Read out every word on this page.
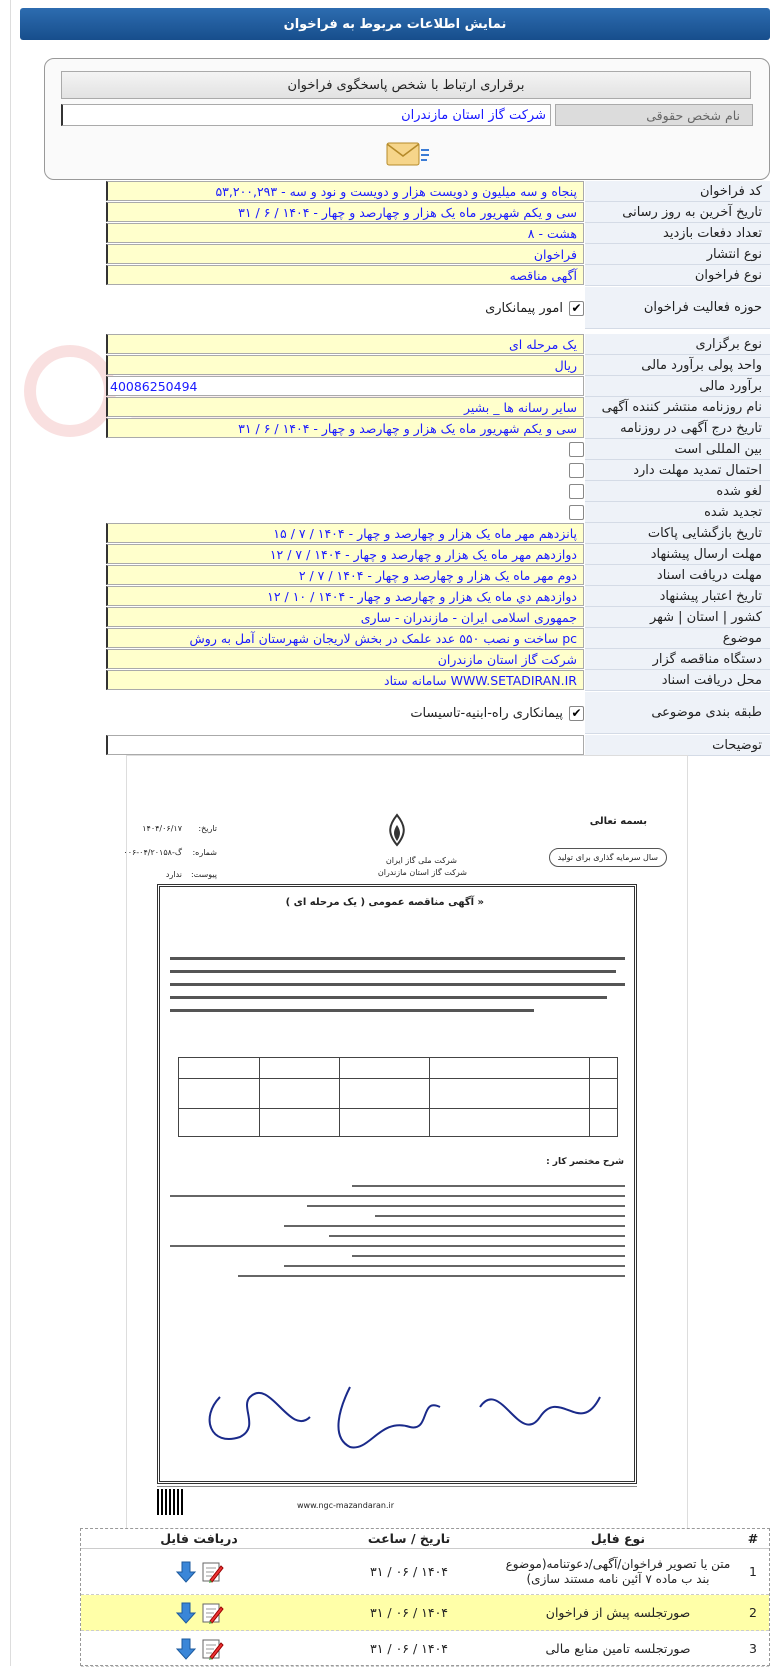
نمایش اطلاعات مربوط به فراخوان
برقراری ارتباط با شخص پاسخگوی فراخوان
نام شخص حقوقی
شرکت گاز استان مازندران
کد فراخوان
۵۳,۲۰۰,۲۹۳ - پنجاه و سه میلیون و دویست هزار و دویست و نود و سه
تاریخ آخرین به روز رسانی
۳۱ / ۶ / ۱۴۰۴ - سی و یکم شهریور ماه یک هزار و چهارصد و چهار
تعداد دفعات بازدید
۸ - هشت
نوع انتشار
فراخوان
نوع فراخوان
آگهی مناقصه
حوزه فعالیت فراخوان
امور پیمانکاری ✔
نوع برگزاری
یک مرحله ای
واحد پولی برآورد مالی
ریال
برآورد مالی
40086250494
نام روزنامه منتشر کننده آگهی
سایر رسانه ها _ بشیر
تاریخ درج آگهی در روزنامه
۳۱ / ۶ / ۱۴۰۴ - سی و یکم شهریور ماه یک هزار و چهارصد و چهار
بین المللی است
احتمال تمدید مهلت دارد
لغو شده
تجدید شده
تاریخ بازگشایی پاکات
۱۵ / ۷ / ۱۴۰۴ - پانزدهم مهر ماه یک هزار و چهارصد و چهار
مهلت ارسال پیشنهاد
۱۲ / ۷ / ۱۴۰۴ - دوازدهم مهر ماه یک هزار و چهارصد و چهار
مهلت دریافت اسناد
۲ / ۷ / ۱۴۰۴ - دوم مهر ماه یک هزار و چهارصد و چهار
تاریخ اعتبار پیشنهاد
۱۲ / ۱۰ / ۱۴۰۴ - دوازدهم دي ماه یک هزار و چهارصد و چهار
کشور | استان | شهر
جمهوری اسلامی ایران - مازندران - ساری
موضوع
ساخت و نصب ۵۵۰ عدد علمک در بخش لاریجان شهرستان آمل به روش pc
دستگاه مناقصه گزار
شرکت گاز استان مازندران
محل دریافت اسناد
سامانه ستاد WWW.SETADIRAN.IR
طبقه بندی موضوعی
پیمانکاری راه-ابنیه-تاسیسات ✔
توضیحات
بسمه تعالی
سال سرمایه گذاری برای تولید
شرکت ملی گاز ایران
شرکت گاز استان مازندران
تاریخ:
۱۴۰۴/۰۶/۱۷
شماره:
گ-۰۴/۲۰۱۵۸-۰۰۶
پیوست:
ندارد
« آگهی مناقصه عمومی ( یک مرحله ای )
شرح مختصر کار :
www.ngc-mazandaran.ir
#
نوع فایل
تاریخ / ساعت
دریافت فایل
1
متن یا تصویر فراخوان/آگهی/دعوتنامه(موضوع بند ب ماده ۷ آئین نامه مستند سازی)
۳۱ / ۰۶ / ۱۴۰۴
2
صورتجلسه پیش از فراخوان
۳۱ / ۰۶ / ۱۴۰۴
3
صورتجلسه تامین منابع مالی
۳۱ / ۰۶ / ۱۴۰۴
